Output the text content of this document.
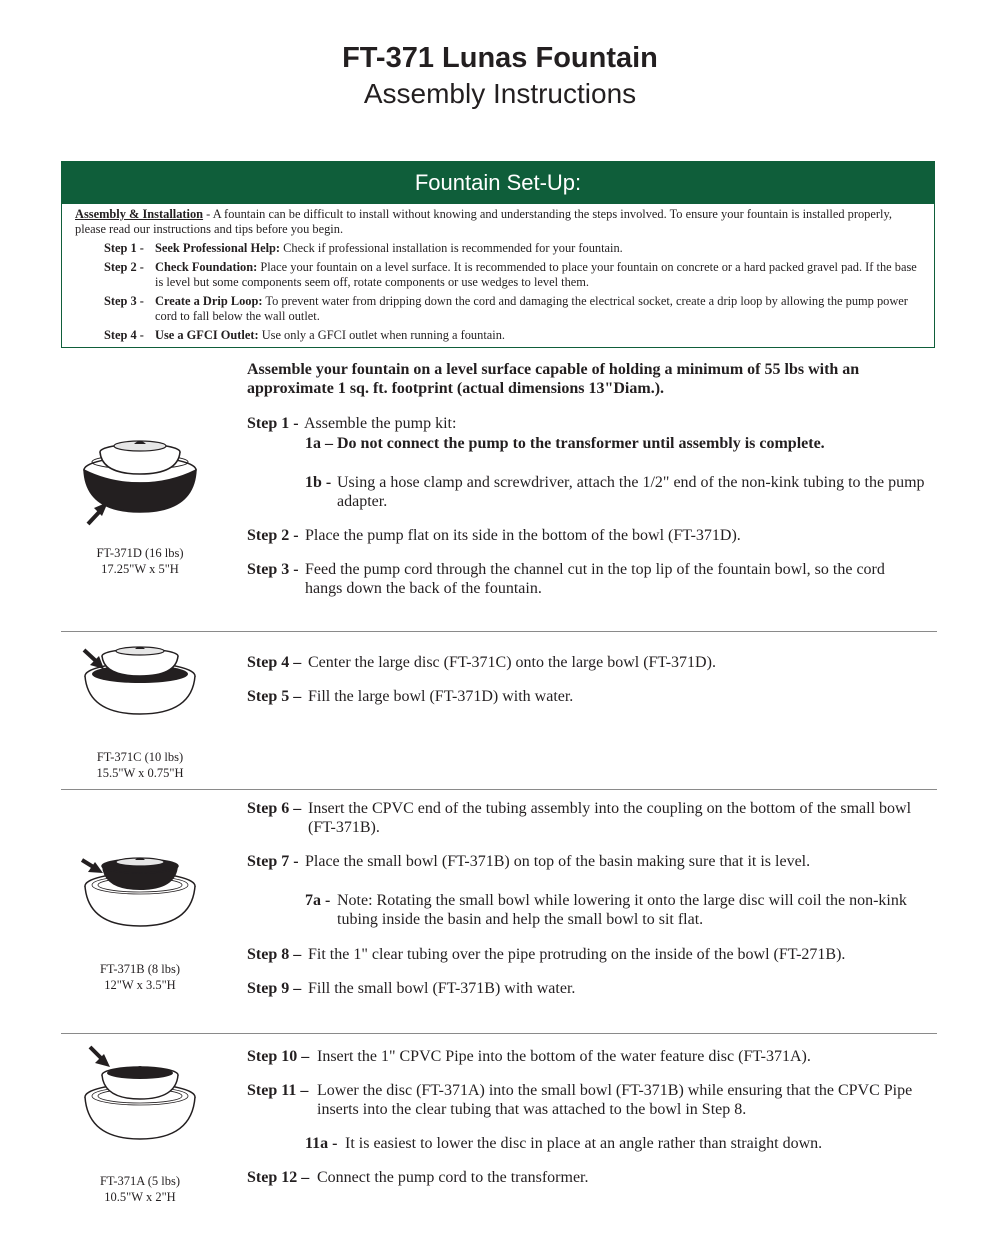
FT-371 Lunas Fountain
Assembly Instructions
Fountain Set-Up:
Assembly & Installation - A fountain can be difficult to install without knowing and understanding the steps involved. To ensure your fountain is installed properly, please read our instructions and tips before you begin.
Step 1 - Seek Professional Help: Check if professional installation is recommended for your fountain.
Step 2 - Check Foundation: Place your fountain on a level surface. It is recommended to place your fountain on concrete or a hard packed gravel pad. If the base is level but some components seem off, rotate components or use wedges to level them.
Step 3 - Create a Drip Loop: To prevent water from dripping down the cord and damaging the electrical socket, create a drip loop by allowing the pump power cord to fall below the wall outlet.
Step 4 - Use a GFCI Outlet: Use only a GFCI outlet when running a fountain.
Assemble your fountain on a level surface capable of holding a minimum of 55 lbs with an approximate 1 sq. ft. footprint (actual dimensions 13"Diam.).
FT-371D (16 lbs)
17.25"W x 5"H
Step 1 - Assemble the pump kit:
1a – Do not connect the pump to the transformer until assembly is complete.
1b - Using a hose clamp and screwdriver, attach the 1/2" end of the non-kink tubing to the pump adapter.
Step 2 - Place the pump flat on its side in the bottom of the bowl (FT-371D).
Step 3 - Feed the pump cord through the channel cut in the top lip of the fountain bowl, so the cord hangs down the back of the fountain.
FT-371C (10 lbs)
15.5"W x 0.75"H
Step 4 – Center the large disc (FT-371C) onto the large bowl (FT-371D).
Step 5 – Fill the large bowl (FT-371D) with water.
FT-371B (8 lbs)
12"W x 3.5"H
Step 6 – Insert the CPVC end of the tubing assembly into the coupling on the bottom of the small bowl (FT-371B).
Step 7 - Place the small bowl (FT-371B) on top of the basin making sure that it is level.
7a - Note: Rotating the small bowl while lowering it onto the large disc will coil the non-kink tubing inside the basin and help the small bowl to sit flat.
Step 8 – Fit the 1" clear tubing over the pipe protruding on the inside of the bowl (FT-271B).
Step 9 – Fill the small bowl (FT-371B) with water.
FT-371A (5 lbs)
10.5"W x 2"H
Step 10 – Insert the 1" CPVC Pipe into the bottom of the water feature disc (FT-371A).
Step 11 – Lower the disc (FT-371A) into the small bowl (FT-371B) while ensuring that the CPVC Pipe inserts into the clear tubing that was attached to the bowl in Step 8.
11a - It is easiest to lower the disc in place at an angle rather than straight down.
Step 12 – Connect the pump cord to the transformer.
